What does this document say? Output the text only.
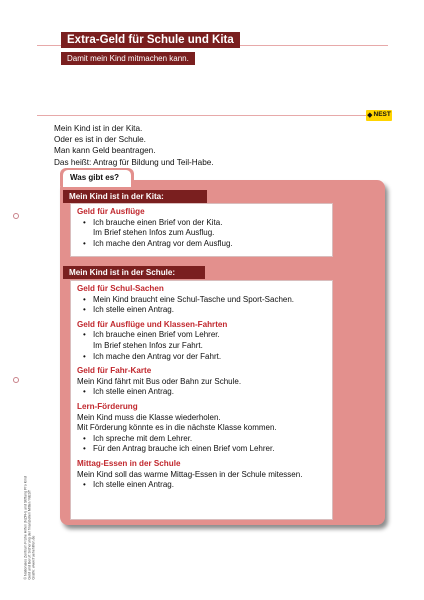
Extra-Geld für Schule und Kita
Damit mein Kind mitmachen kann.
◆ NEST
Mein Kind ist in der Kita.
Oder es ist in der Schule.
Man kann Geld beantragen.
Das heißt: Antrag für Bildung und Teil-Habe.
© Nationales Zentrum Frühe Hilfen (NZFH) und Stiftung Pro Kind Geld und Beruf: Sicherung der finanziellen Mittel / NEST Grafik: www.fruehehilfen.de
Was gibt es?
Mein Kind ist in der Kita:
Geld für Ausflüge
• Ich brauche einen Brief von der Kita.
Im Brief stehen Infos zum Ausflug.
• Ich mache den Antrag vor dem Ausflug.
Mein Kind ist in der Schule:
Geld für Schul-Sachen
• Mein Kind braucht eine Schul-Tasche und Sport-Sachen.
• Ich stelle einen Antrag.
Geld für Ausflüge und Klassen-Fahrten
• Ich brauche einen Brief vom Lehrer.
Im Brief stehen Infos zur Fahrt.
• Ich mache den Antrag vor der Fahrt.
Geld für Fahr-Karte
Mein Kind fährt mit Bus oder Bahn zur Schule.
• Ich stelle einen Antrag.
Lern-Förderung
Mein Kind muss die Klasse wiederholen.
Mit Förderung könnte es in die nächste Klasse kommen.
• Ich spreche mit dem Lehrer.
• Für den Antrag brauche ich einen Brief vom Lehrer.
Mittag-Essen in der Schule
Mein Kind soll das warme Mittag-Essen in der Schule mitessen.
• Ich stelle einen Antrag.
